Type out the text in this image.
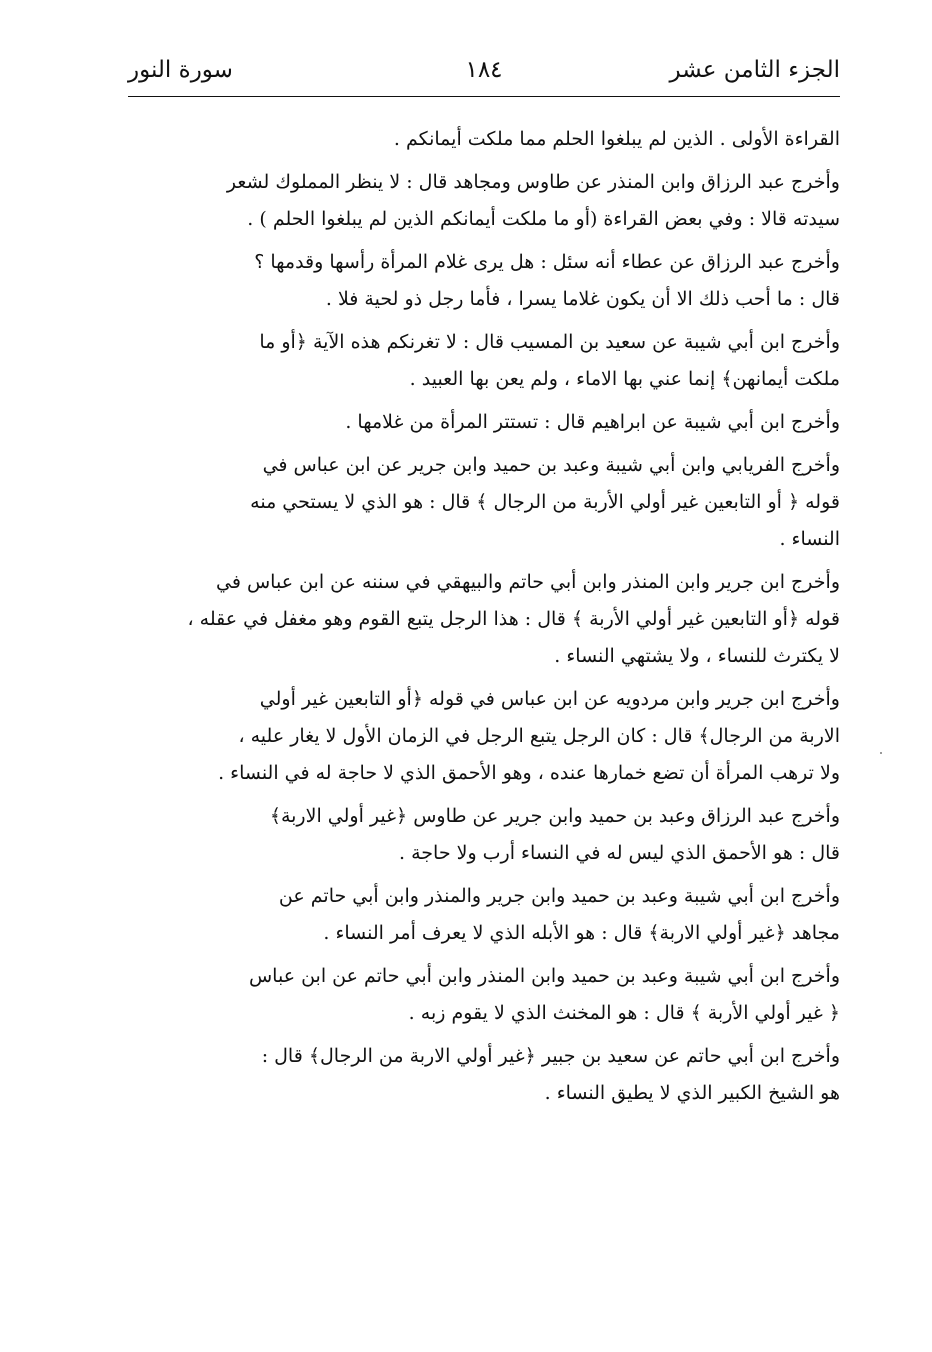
الجزء الثامن عشر
١٨٤
سورة النور
القراءة الأولى . الذين لم يبلغوا الحلم مما ملكت أيمانكم .
وأخرج عبد الرزاق وابن المنذر عن طاوس ومجاهد قال : لا ينظر المملوك لشعر
سيدته قالا : وفي بعض القراءة (أو ما ملكت أيمانكم الذين لم يبلغوا الحلم ) .
وأخرج عبد الرزاق عن عطاء أنه سئل : هل يرى غلام المرأة رأسها وقدمها ؟
قال : ما أحب ذلك الا أن يكون غلاما يسرا ، فأما رجل ذو لحية فلا .
وأخرج ابن أبي شيبة عن سعيد بن المسيب قال : لا تغرنكم هذه الآية ﴿أو ما
ملكت أيمانهن﴾ إنما عني بها الاماء ، ولم يعن بها العبيد .
وأخرج ابن أبي شيبة عن ابراهيم قال : تستتر المرأة من غلامها .
وأخرج الفريابي وابن أبي شيبة وعبد بن حميد وابن جرير عن ابن عباس في
قوله ﴿ أو التابعين غير أولي الأربة من الرجال ﴾ قال : هو الذي لا يستحي منه
النساء .
وأخرج ابن جرير وابن المنذر وابن أبي حاتم والبيهقي في سننه عن ابن عباس في
قوله ﴿أو التابعين غير أولي الأربة ﴾ قال : هذا الرجل يتبع القوم وهو مغفل في عقله ،
لا يكترث للنساء ، ولا يشتهي النساء .
وأخرج ابن جرير وابن مردويه عن ابن عباس في قوله ﴿أو التابعين غير أولي
الاربة من الرجال﴾ قال : كان الرجل يتبع الرجل في الزمان الأول لا يغار عليه ،
ولا ترهب المرأة أن تضع خمارها عنده ، وهو الأحمق الذي لا حاجة له في النساء .
وأخرج عبد الرزاق وعبد بن حميد وابن جرير عن طاوس ﴿غير أولي الاربة﴾
قال : هو الأحمق الذي ليس له في النساء أرب ولا حاجة .
وأخرج ابن أبي شيبة وعبد بن حميد وابن جرير والمنذر وابن أبي حاتم عن
مجاهد ﴿غير أولي الاربة﴾ قال : هو الأبله الذي لا يعرف أمر النساء .
وأخرج ابن أبي شيبة وعبد بن حميد وابن المنذر وابن أبي حاتم عن ابن عباس
﴿ غير أولي الأربة ﴾ قال : هو المخنث الذي لا يقوم زبه .
وأخرج ابن أبي حاتم عن سعيد بن جبير ﴿غير أولي الاربة من الرجال﴾ قال :
هو الشيخ الكبير الذي لا يطيق النساء .
